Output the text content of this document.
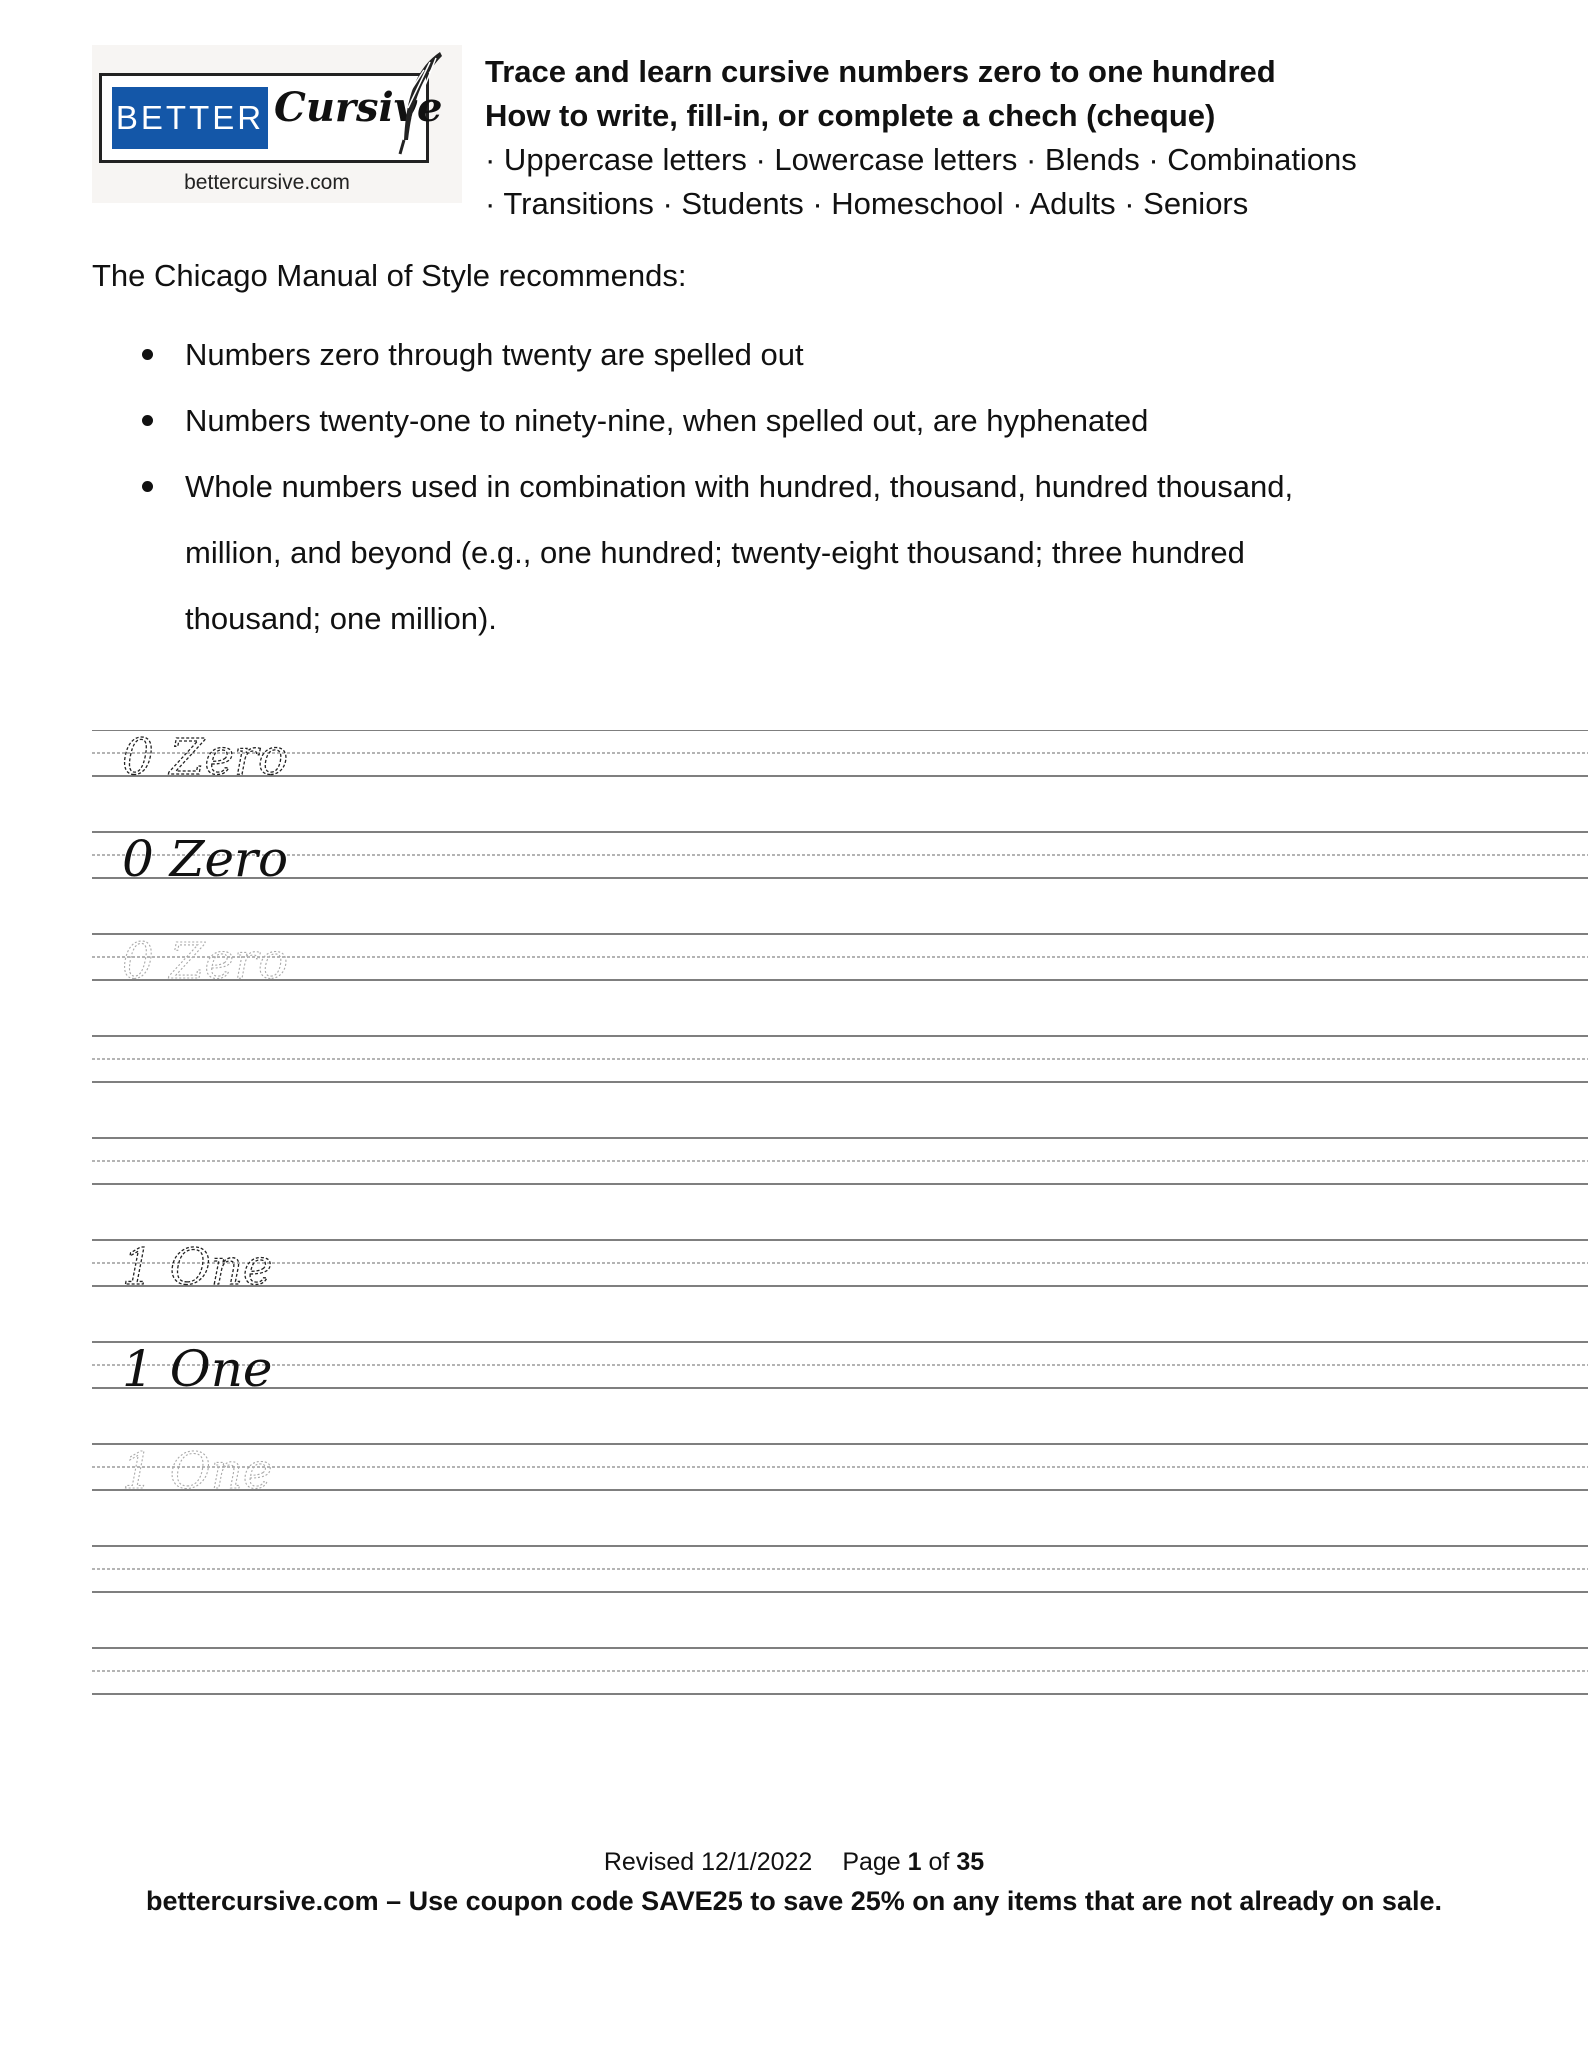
BETTER Cursive
bettercursive.com
Trace and learn cursive numbers zero to one hundred
How to write, fill-in, or complete a chech (cheque)
· Uppercase letters · Lowercase letters · Blends · Combinations
· Transitions · Students · Homeschool · Adults · Seniors
The Chicago Manual of Style recommends:
Numbers zero through twenty are spelled out
Numbers twenty-one to ninety-nine, when spelled out, are hyphenated
Whole numbers used in combination with hundred, thousand, hundred thousand,
million, and beyond (e.g., one hundred; twenty-eight thousand; three hundred
thousand; one million).
0 Zero
0 Zero
0 Zero
1 One
1 One
1 One
Revised 12/1/2022 Page 1 of 35
bettercursive.com – Use coupon code SAVE25 to save 25% on any items that are not already on sale.
